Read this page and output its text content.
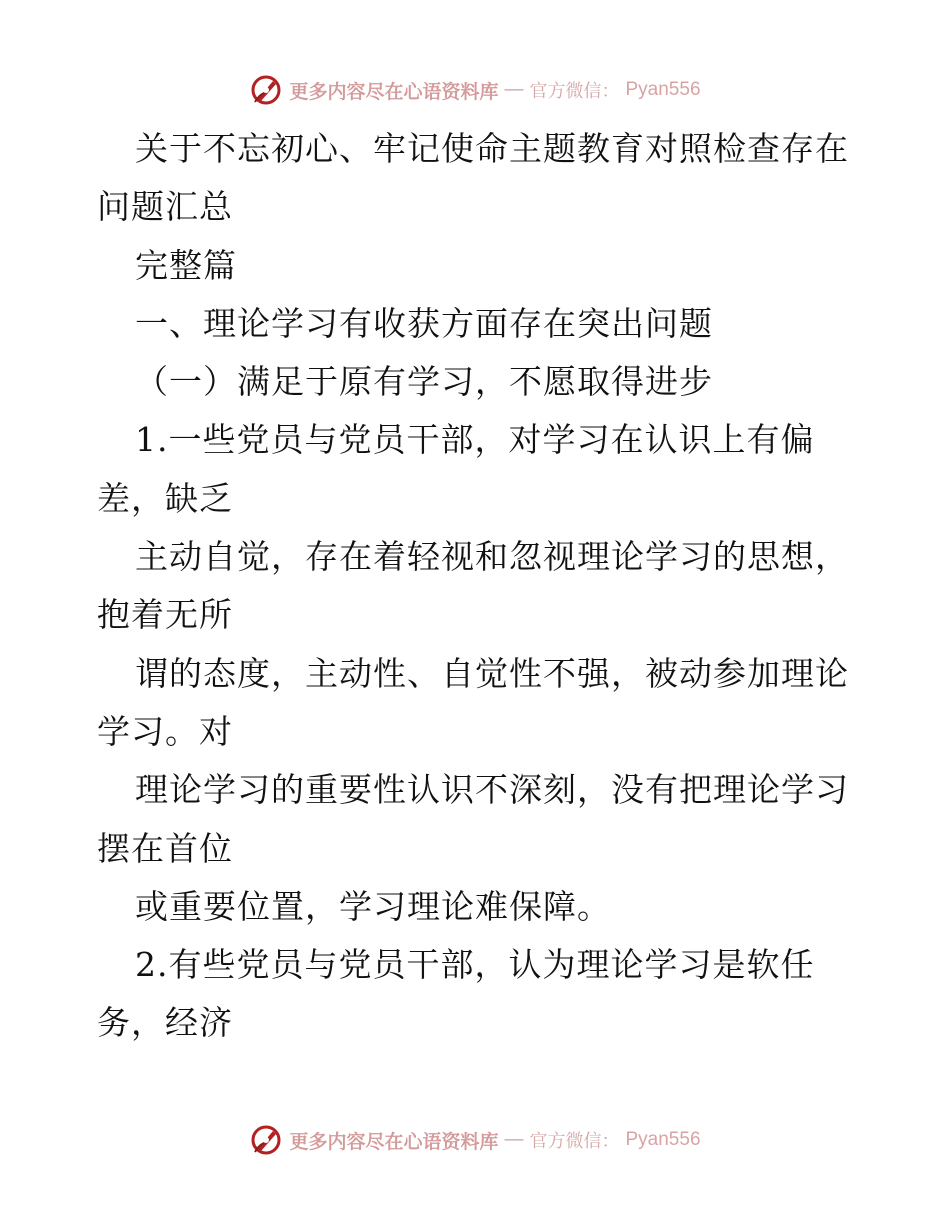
更多内容尽在心语资料库 — 官方微信： Pyan556
关于不忘初心、牢记使命主题教育对照检查存在
问题汇总
完整篇
一、理论学习有收获方面存在突出问题
（一）满足于原有学习，不愿取得进步
1.一些党员与党员干部，对学习在认识上有偏
差，缺乏
主动自觉，存在着轻视和忽视理论学习的思想，
抱着无所
谓的态度，主动性、自觉性不强，被动参加理论
学习。对
理论学习的重要性认识不深刻，没有把理论学习
摆在首位
或重要位置，学习理论难保障。
2.有些党员与党员干部，认为理论学习是软任
务，经济
更多内容尽在心语资料库 — 官方微信： Pyan556
